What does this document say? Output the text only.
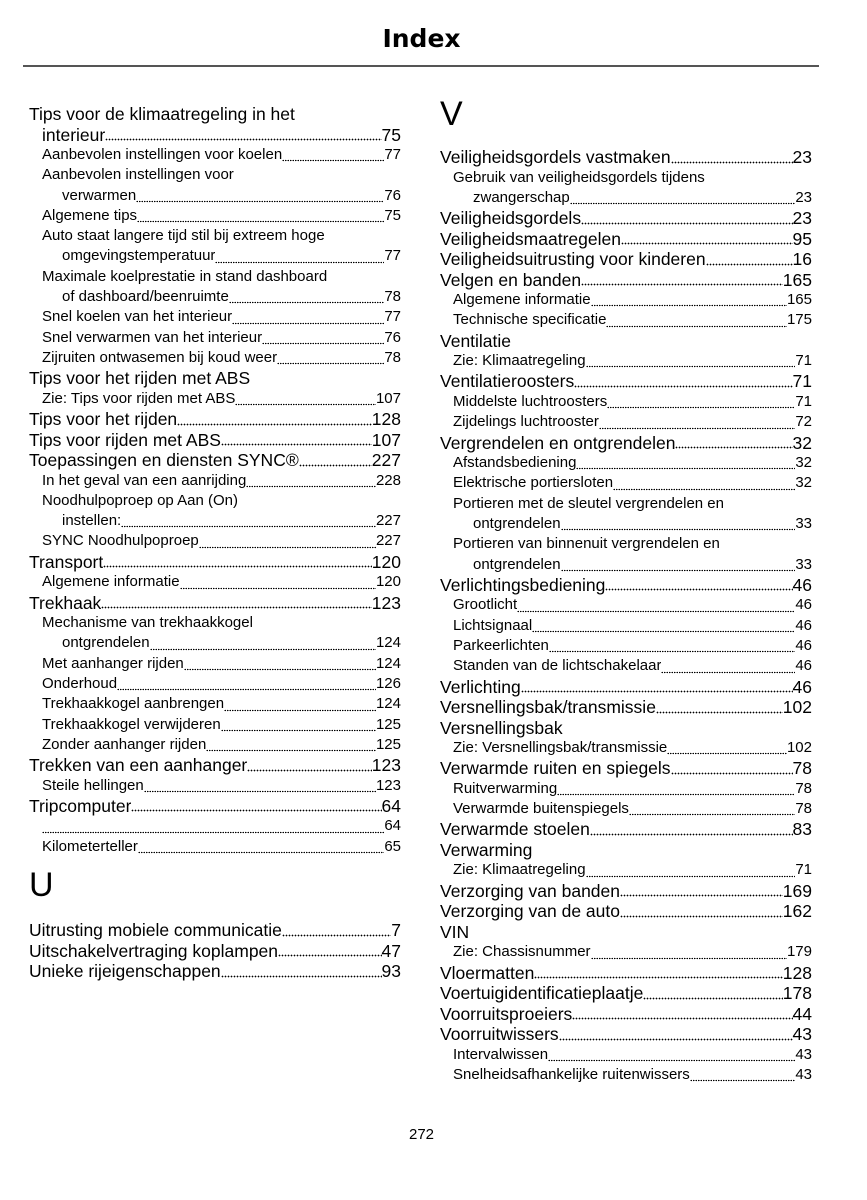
Index
Tips voor de klimaatregeling in het
interieur	75
Aanbevolen instellingen voor koelen	77
Aanbevolen instellingen voor
verwarmen	76
Algemene tips	75
Auto staat langere tijd stil bij extreem hoge
omgevingstemperatuur	77
Maximale koelprestatie in stand dashboard
of dashboard/beenruimte	78
Snel koelen van het interieur	77
Snel verwarmen van het interieur	76
Zijruiten ontwasemen bij koud weer	78
Tips voor het rijden met ABS
Zie: Tips voor rijden met ABS	107
Tips voor het rijden	128
Tips voor rijden met ABS	107
Toepassingen en diensten SYNC®	227
In het geval van een aanrijding	228
Noodhulpoproep op Aan (On)
instellen:	227
SYNC Noodhulpoproep	227
Transport	120
Algemene informatie	120
Trekhaak	123
Mechanisme van trekhaakkogel
ontgrendelen	124
Met aanhanger rijden	124
Onderhoud	126
Trekhaakkogel aanbrengen	124
Trekhaakkogel verwijderen	125
Zonder aanhanger rijden	125
Trekken van een aanhanger	123
Steile hellingen	123
Tripcomputer	64
64
Kilometerteller	65
U
Uitrusting mobiele communicatie	7
Uitschakelvertraging koplampen	47
Unieke rijeigenschappen	93
V
Veiligheidsgordels vastmaken	23
Gebruik van veiligheidsgordels tijdens
zwangerschap	23
Veiligheidsgordels	23
Veiligheidsmaatregelen	95
Veiligheidsuitrusting voor kinderen	16
Velgen en banden	165
Algemene informatie	165
Technische specificatie	175
Ventilatie
Zie: Klimaatregeling	71
Ventilatieroosters	71
Middelste luchtroosters	71
Zijdelings luchtrooster	72
Vergrendelen en ontgrendelen	32
Afstandsbediening	32
Elektrische portiersloten	32
Portieren met de sleutel vergrendelen en
ontgrendelen	33
Portieren van binnenuit vergrendelen en
ontgrendelen	33
Verlichtingsbediening	46
Grootlicht	46
Lichtsignaal	46
Parkeerlichten	46
Standen van de lichtschakelaar	46
Verlichting	46
Versnellingsbak/transmissie	102
Versnellingsbak
Zie: Versnellingsbak/transmissie	102
Verwarmde ruiten en spiegels	78
Ruitverwarming	78
Verwarmde buitenspiegels	78
Verwarmde stoelen	83
Verwarming
Zie: Klimaatregeling	71
Verzorging van banden	169
Verzorging van de auto	162
VIN
Zie: Chassisnummer	179
Vloermatten	128
Voertuigidentificatieplaatje	178
Voorruitsproeiers	44
Voorruitwissers	43
Intervalwissen	43
Snelheidsafhankelijke ruitenwissers	43
272
